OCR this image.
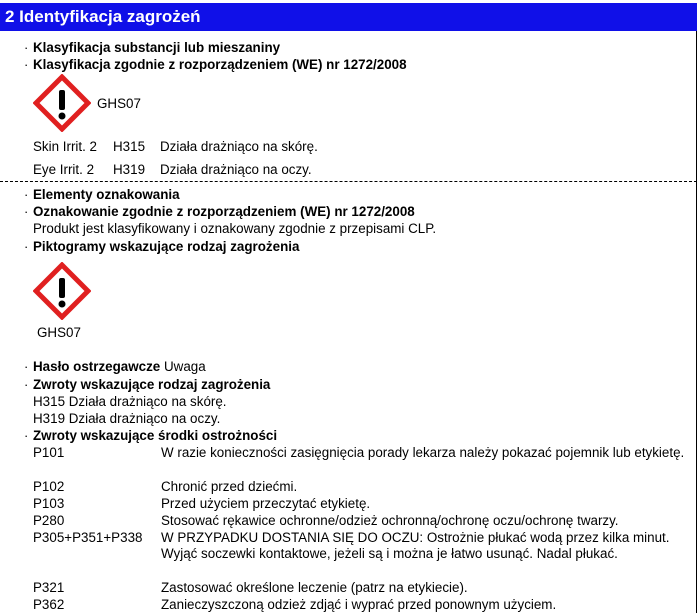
2 Identyfikacja zagrożeń
· Klasyfikacja substancji lub mieszaniny
· Klasyfikacja zgodnie z rozporządzeniem (WE) nr 1272/2008
GHS07
Skin Irrit. 2 H315 Działa drażniąco na skórę.
Eye Irrit. 2 H319 Działa drażniąco na oczy.
· Elementy oznakowania
· Oznakowanie zgodnie z rozporządzeniem (WE) nr 1272/2008
Produkt jest klasyfikowany i oznakowany zgodnie z przepisami CLP.
· Piktogramy wskazujące rodzaj zagrożenia
GHS07
· Hasło ostrzegawcze Uwaga
· Zwroty wskazujące rodzaj zagrożenia
H315 Działa drażniąco na skórę.
H319 Działa drażniąco na oczy.
· Zwroty wskazujące środki ostrożności
P101	W razie konieczności zasięgnięcia porady lekarza należy pokazać pojemnik lub etykietę.
P102	Chronić przed dziećmi.
P103	Przed użyciem przeczytać etykietę.
P280	Stosować rękawice ochronne/odzież ochronną/ochronę oczu/ochronę twarzy.
P305+P351+P338 W PRZYPADKU DOSTANIA SIĘ DO OCZU: Ostrożnie płukać wodą przez kilka minut. Wyjąć soczewki kontaktowe, jeżeli są i można je łatwo usunąć. Nadal płukać.
P321	Zastosować określone leczenie (patrz na etykiecie).
P362	Zanieczyszczoną odzież zdjąć i wyprać przed ponownym użyciem.
